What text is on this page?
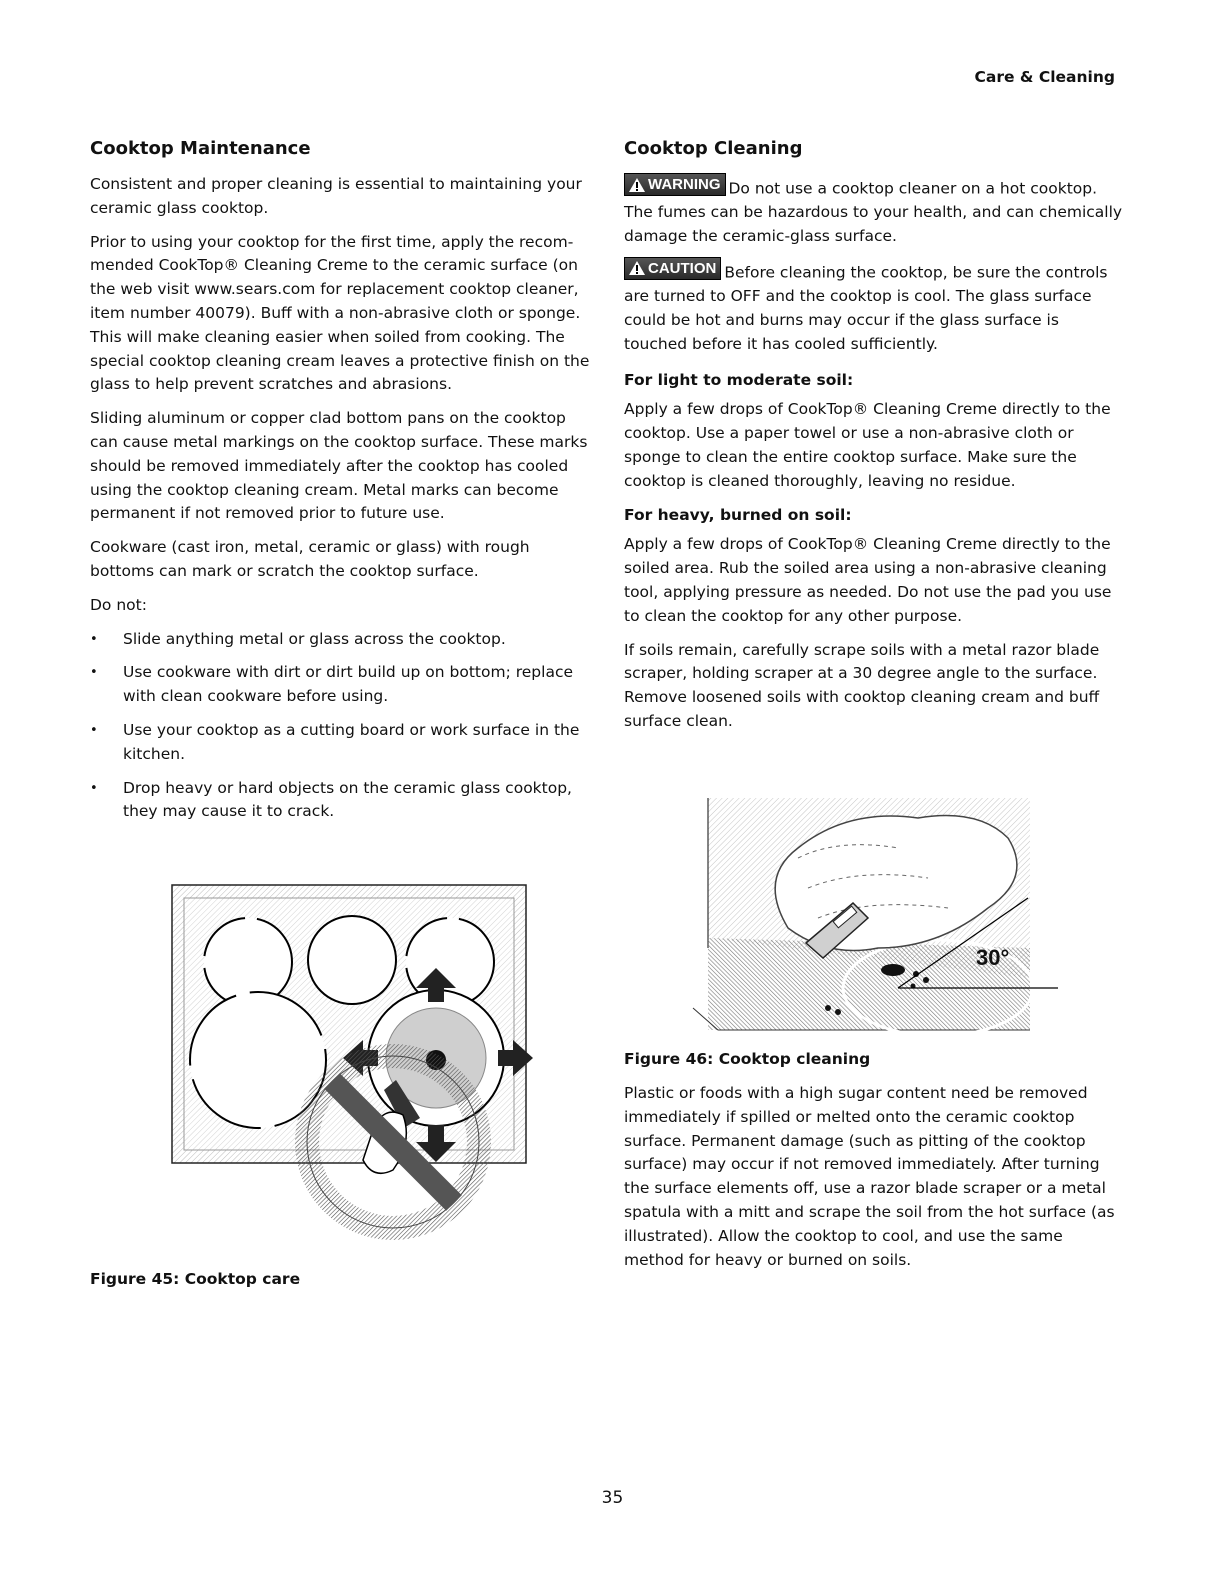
Care & Cleaning
Cooktop Maintenance

Consistent and proper cleaning is essential to maintaining your ceramic glass cooktop.

Prior to using your cooktop for the first time, apply the recom-mended CookTop® Cleaning Creme to the ceramic surface (on the web visit www.sears.com for replacement cooktop cleaner, item number 40079). Buff with a non-abrasive cloth or sponge. This will make cleaning easier when soiled from cooking. The special cooktop cleaning cream leaves a protective finish on the glass to help prevent scratches and abrasions.

Sliding aluminum or copper clad bottom pans on the cooktop can cause metal markings on the cooktop surface. These marks should be removed immediately after the cooktop has cooled using the cooktop cleaning cream. Metal marks can become permanent if not removed prior to future use.

Cookware (cast iron, metal, ceramic or glass) with rough bottoms can mark or scratch the cooktop surface.

Do not:

• Slide anything metal or glass across the cooktop.
• Use cookware with dirt or dirt build up on bottom; replace with clean cookware before using.
• Use your cooktop as a cutting board or work surface in the kitchen.
• Drop heavy or hard objects on the ceramic glass cooktop, they may cause it to crack.
Figure 45: Cooktop care
Cooktop Cleaning

WARNING Do not use a cooktop cleaner on a hot cooktop. The fumes can be hazardous to your health, and can chemically damage the ceramic-glass surface.

CAUTION Before cleaning the cooktop, be sure the controls are turned to OFF and the cooktop is cool. The glass surface could be hot and burns may occur if the glass surface is touched before it has cooled sufficiently.

For light to moderate soil:

Apply a few drops of CookTop® Cleaning Creme directly to the cooktop. Use a paper towel or use a non-abrasive cloth or sponge to clean the entire cooktop surface. Make sure the cooktop is cleaned thoroughly, leaving no residue.

For heavy, burned on soil:

Apply a few drops of CookTop® Cleaning Creme directly to the soiled area. Rub the soiled area using a non-abrasive cleaning tool, applying pressure as needed. Do not use the pad you use to clean the cooktop for any other purpose.

If soils remain, carefully scrape soils with a metal razor blade scraper, holding scraper at a 30 degree angle to the surface. Remove loosened soils with cooktop cleaning cream and buff surface clean.

30°
Figure 46: Cooktop cleaning

Plastic or foods with a high sugar content need be removed immediately if spilled or melted onto the ceramic cooktop surface. Permanent damage (such as pitting of the cooktop surface) may occur if not removed immediately. After turning the surface elements off, use a razor blade scraper or a metal spatula with a mitt and scrape the soil from the hot surface (as illustrated). Allow the cooktop to cool, and use the same method for heavy or burned on soils.

35
